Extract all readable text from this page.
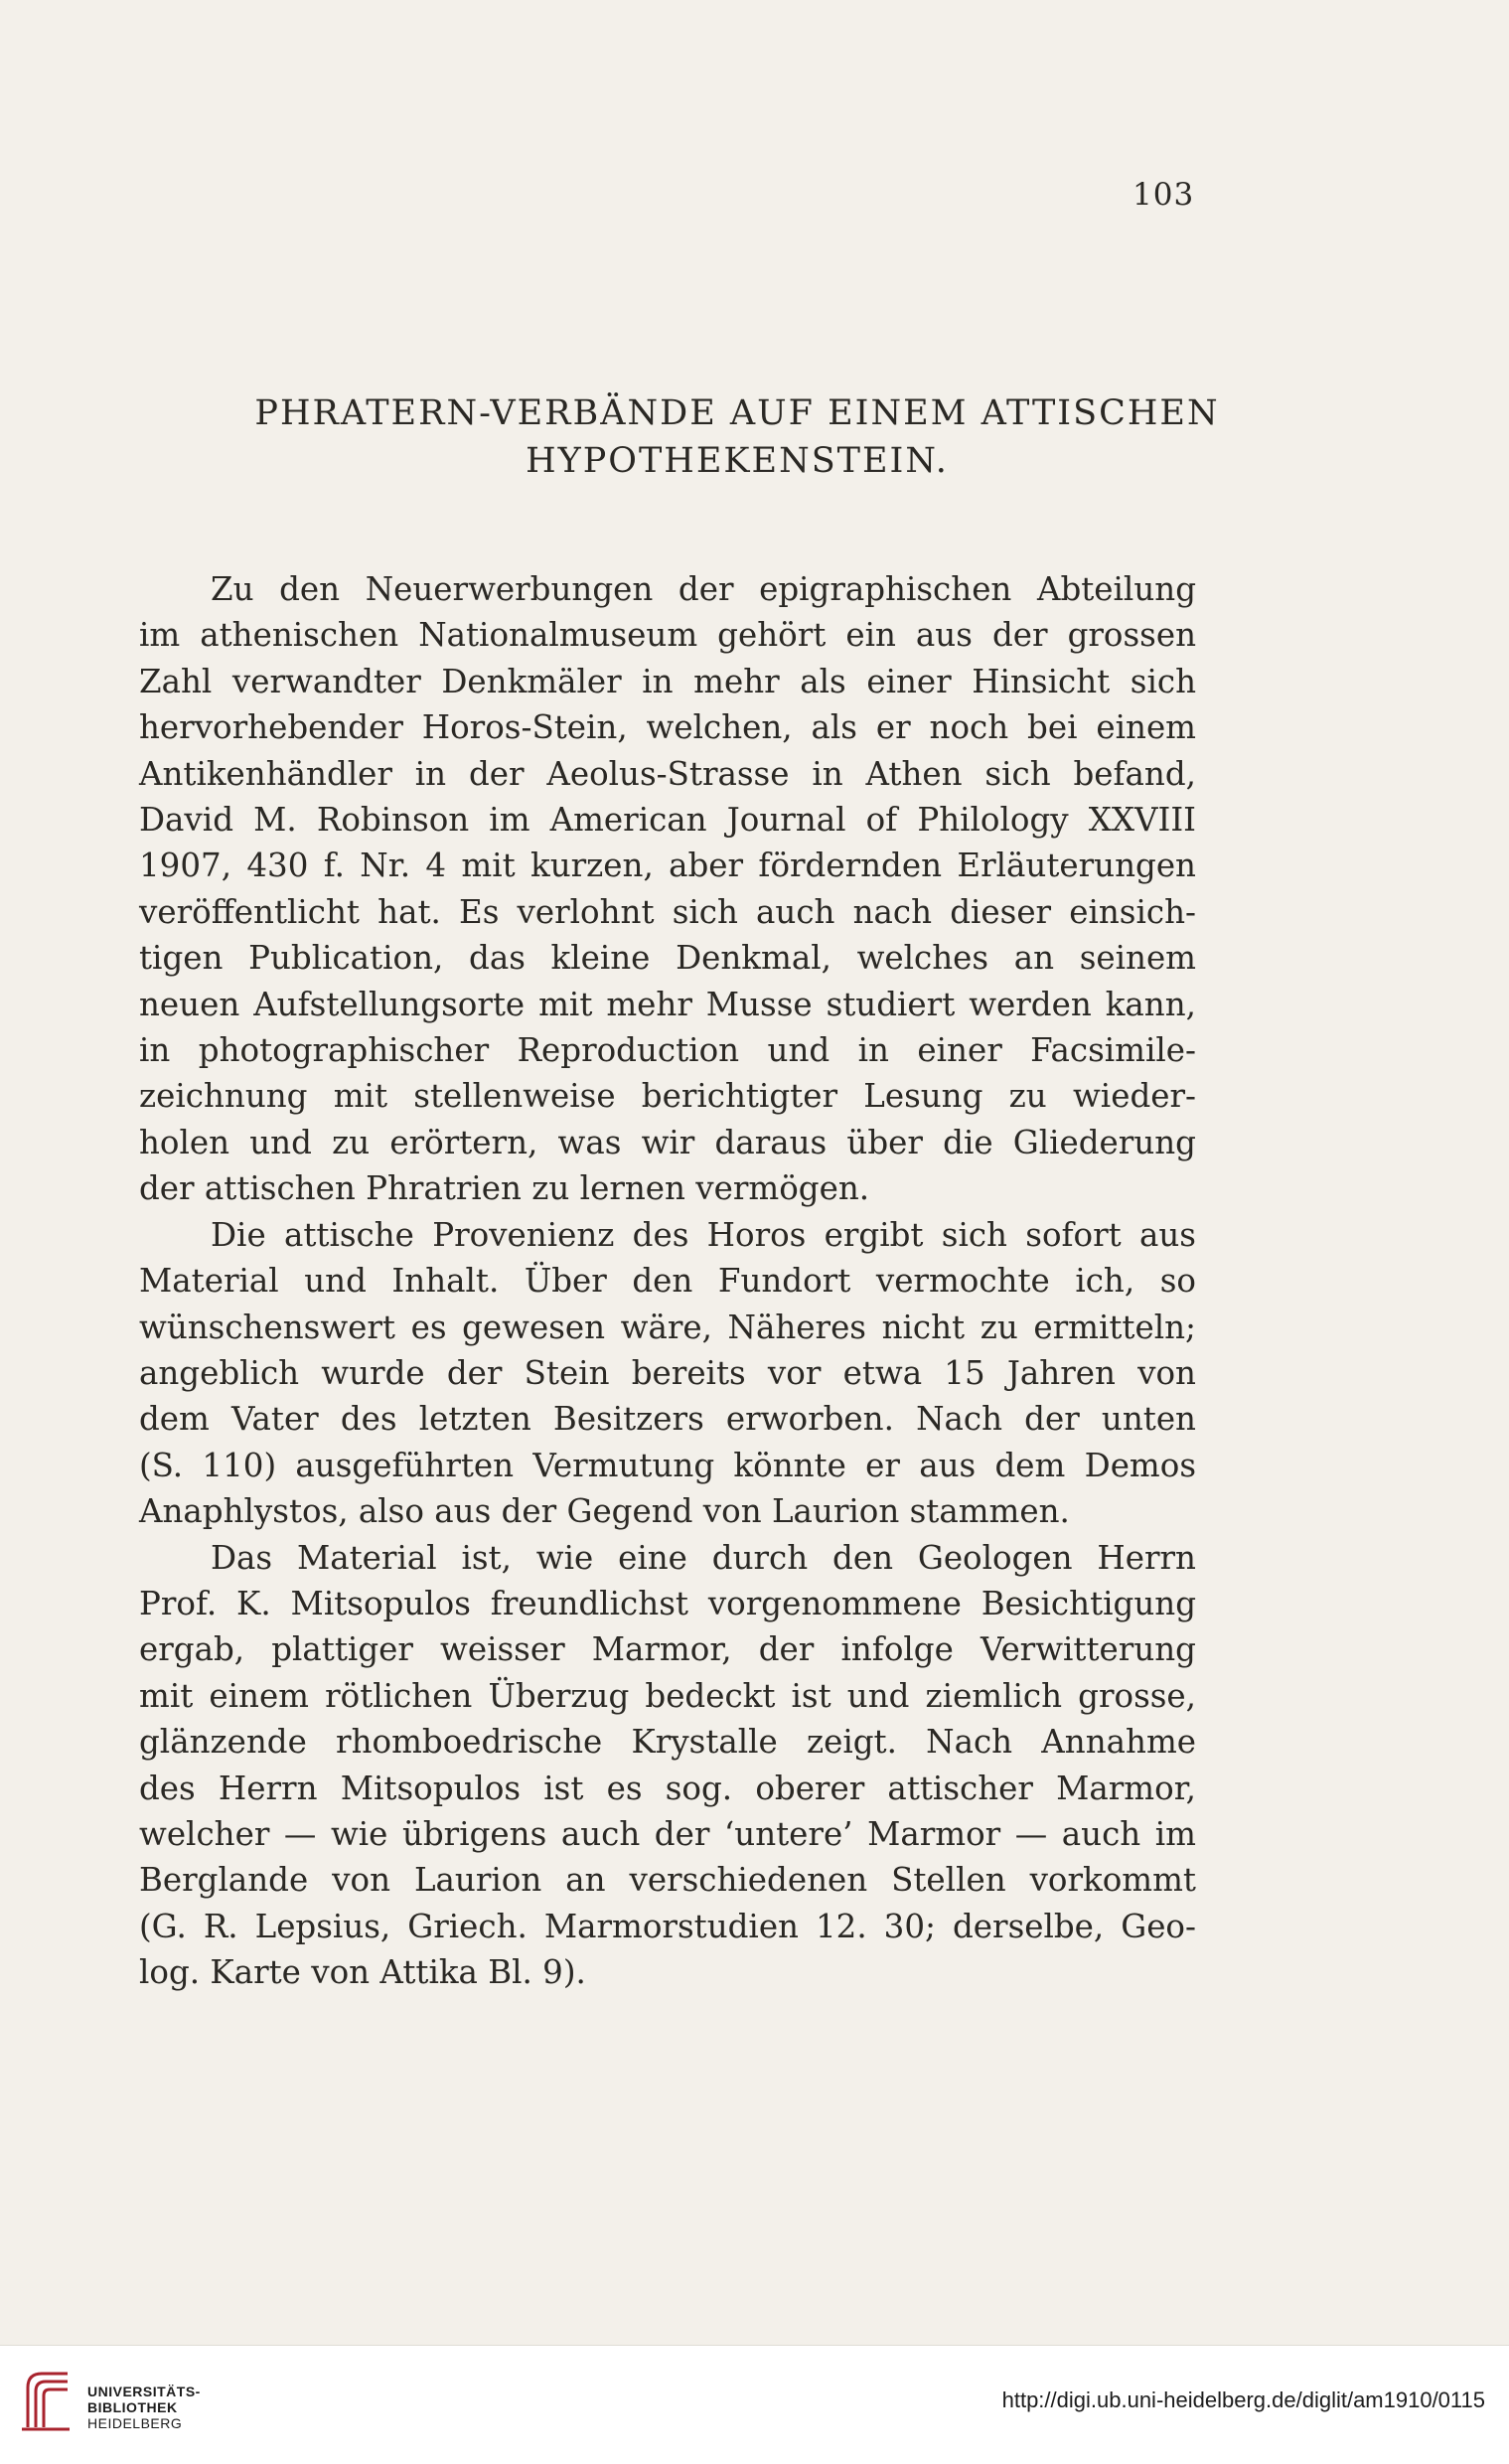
103
PHRATERN-VERBÄNDE AUF EINEM ATTISCHEN
HYPOTHEKENSTEIN.

Zu den Neuerwerbungen der epigraphischen Abteilung
im athenischen Nationalmuseum gehört ein aus der grossen
Zahl verwandter Denkmäler in mehr als einer Hinsicht sich
hervorhebender Horos-Stein, welchen, als er noch bei einem
Antikenhändler in der Aeolus-Strasse in Athen sich befand,
David M. Robinson im American Journal of Philology XXVIII
1907, 430 f. Nr. 4 mit kurzen, aber fördernden Erläuterungen
veröffentlicht hat. Es verlohnt sich auch nach dieser einsich-
tigen Publication, das kleine Denkmal, welches an seinem
neuen Aufstellungsorte mit mehr Musse studiert werden kann,
in photographischer Reproduction und in einer Facsimile-
zeichnung mit stellenweise berichtigter Lesung zu wieder-
holen und zu erörtern, was wir daraus über die Gliederung
der attischen Phratrien zu lernen vermögen.

Die attische Provenienz des Horos ergibt sich sofort aus
Material und Inhalt. Über den Fundort vermochte ich, so
wünschenswert es gewesen wäre, Näheres nicht zu ermitteln;
angeblich wurde der Stein bereits vor etwa 15 Jahren von
dem Vater des letzten Besitzers erworben. Nach der unten
(S. 110) ausgeführten Vermutung könnte er aus dem Demos
Anaphlystos, also aus der Gegend von Laurion stammen.

Das Material ist, wie eine durch den Geologen Herrn
Prof. K. Mitsopulos freundlichst vorgenommene Besichtigung
ergab, plattiger weisser Marmor, der infolge Verwitterung
mit einem rötlichen Überzug bedeckt ist und ziemlich grosse,
glänzende rhomboedrische Krystalle zeigt. Nach Annahme
des Herrn Mitsopulos ist es sog. oberer attischer Marmor,
welcher — wie übrigens auch der ‘untere’ Marmor — auch im
Berglande von Laurion an verschiedenen Stellen vorkommt
(G. R. Lepsius, Griech. Marmorstudien 12. 30; derselbe, Geo-
log. Karte von Attika Bl. 9).

UNIVERSITÄTS-
BIBLIOTHEK
HEIDELBERG
http://digi.ub.uni-heidelberg.de/diglit/am1910/0115
